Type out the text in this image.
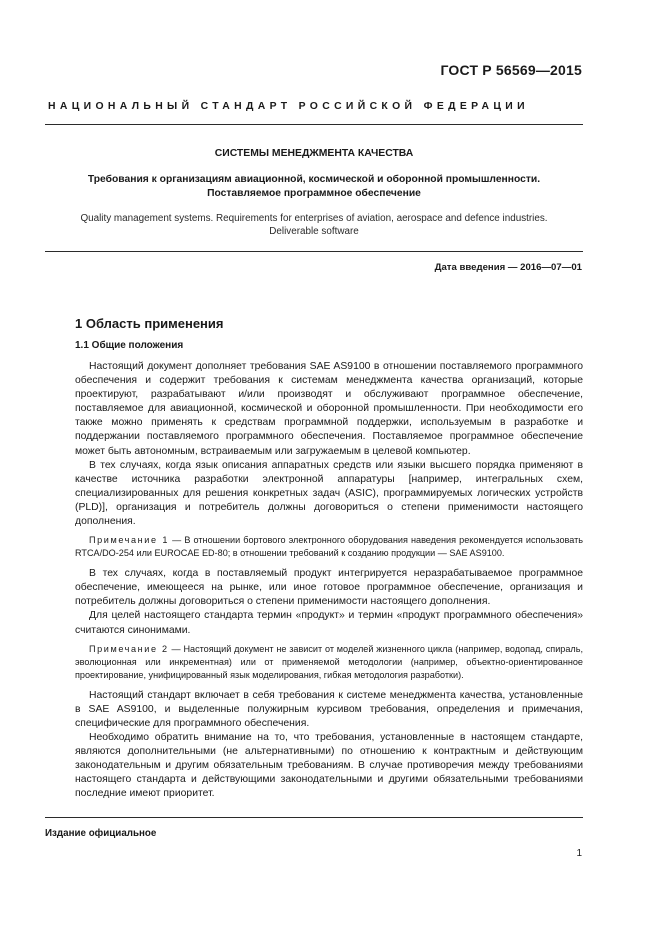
ГОСТ Р 56569—2015
НАЦИОНАЛЬНЫЙ СТАНДАРТ РОССИЙСКОЙ ФЕДЕРАЦИИ
СИСТЕМЫ МЕНЕДЖМЕНТА КАЧЕСТВА
Требования к организациям авиационной, космической и оборонной промышленности.
Поставляемое программное обеспечение
Quality management systems. Requirements for enterprises of aviation, aerospace and defence industries.
Deliverable software
Дата введения — 2016—07—01
1 Область применения
1.1 Общие положения

Настоящий документ дополняет требования SAE AS9100 в отношении поставляемого программного обеспечения и содержит требования к системам менеджмента качества организаций, которые проектируют, разрабатывают и/или производят и обслуживают программное обеспечение, поставляемое для авиационной, космической и оборонной промышленности. При необходимости его также можно применять к средствам программной поддержки, используемым в разработке и поддержании поставляемого программного обеспечения. Поставляемое программное обеспечение может быть автономным, встраиваемым или загружаемым в целевой компьютер.

В тех случаях, когда язык описания аппаратных средств или языки высшего порядка применяют в качестве источника разработки электронной аппаратуры [например, интегральных схем, специализированных для решения конкретных задач (ASIC), программируемых логических устройств (PLD)], организация и потребитель должны договориться о степени применимости настоящего дополнения.

Примечание 1 — В отношении бортового электронного оборудования наведения рекомендуется использовать RTCA/DO-254 или EUROCAE ED-80; в отношении требований к созданию продукции — SAE AS9100.

В тех случаях, когда в поставляемый продукт интегрируется неразрабатываемое программное обеспечение, имеющееся на рынке, или иное готовое программное обеспечение, организация и потребитель должны договориться о степени применимости настоящего дополнения.

Для целей настоящего стандарта термин «продукт» и термин «продукт программного обеспечения» считаются синонимами.

Примечание 2 — Настоящий документ не зависит от моделей жизненного цикла (например, водопад, спираль, эволюционная или инкрементная) или от применяемой методологии (например, объектно-ориентированное проектирование, унифицированный язык моделирования, гибкая методология разработки).

Настоящий стандарт включает в себя требования к системе менеджмента качества, установленные в SAE AS9100, и выделенные полужирным курсивом требования, определения и примечания, специфические для программного обеспечения.

Необходимо обратить внимание на то, что требования, установленные в настоящем стандарте, являются дополнительными (не альтернативными) по отношению к контрактным и действующим законодательным и другим обязательным требованиям. В случае противоречия между требованиями настоящего стандарта и действующими законодательными и другими обязательными требованиями последние имеют приоритет.

Издание официальное
1
